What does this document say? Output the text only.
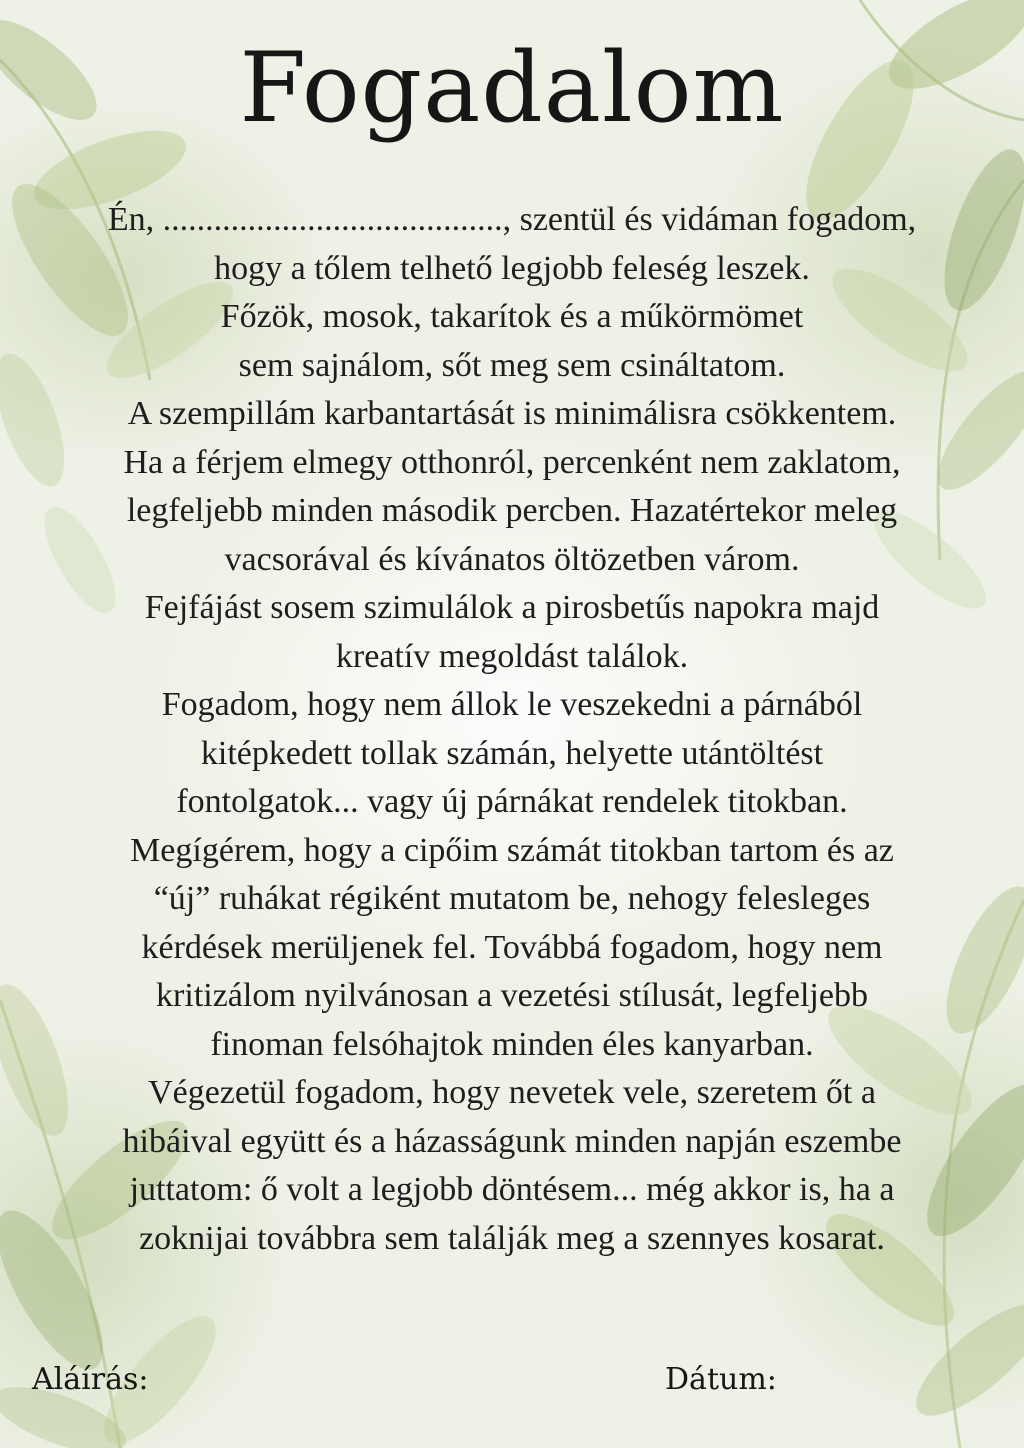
Fogadalom
Én, ........................................, szentül és vidáman fogadom,
hogy a tőlem telhető legjobb feleség leszek.
Főzök, mosok, takarítok és a műkörmömet
sem sajnálom, sőt meg sem csináltatom.
A szempillám karbantartását is minimálisra csökkentem.
Ha a férjem elmegy otthonról, percenként nem zaklatom,
legfeljebb minden második percben. Hazatértekor meleg
vacsorával és kívánatos öltözetben várom.
Fejfájást sosem szimulálok a pirosbetűs napokra majd
kreatív megoldást találok.
Fogadom, hogy nem állok le veszekedni a párnából
kitépkedett tollak számán, helyette utántöltést
fontolgatok... vagy új párnákat rendelek titokban.
Megígérem, hogy a cipőim számát titokban tartom és az
“új” ruhákat régiként mutatom be, nehogy felesleges
kérdések merüljenek fel. Továbbá fogadom, hogy nem
kritizálom nyilvánosan a vezetési stílusát, legfeljebb
finoman felsóhajtok minden éles kanyarban.
Végezetül fogadom, hogy nevetek vele, szeretem őt a
hibáival együtt és a házasságunk minden napján eszembe
juttatom: ő volt a legjobb döntésem... még akkor is, ha a
zoknijai továbbra sem találják meg a szennyes kosarat.
Aláírás:	Dátum:
